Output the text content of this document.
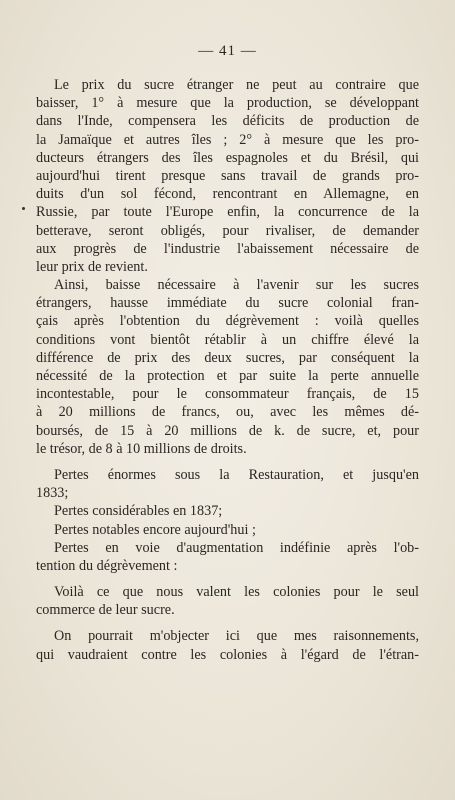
— 41 —
Le prix du sucre étranger ne peut au contraire que
baisser, 1° à mesure que la production, se développant
dans l'Inde, compensera les déficits de production de
la Jamaïque et autres îles ; 2° à mesure que les pro-
ducteurs étrangers des îles espagnoles et du Brésil, qui
aujourd'hui tirent presque sans travail de grands pro-
duits d'un sol fécond, rencontrant en Allemagne, en
Russie, par toute l'Europe enfin, la concurrence de la
betterave, seront obligés, pour rivaliser, de demander
aux progrès de l'industrie l'abaissement nécessaire de
leur prix de revient.
Ainsi, baisse nécessaire à l'avenir sur les sucres
étrangers, hausse immédiate du sucre colonial fran-
çais après l'obtention du dégrèvement : voilà quelles
conditions vont bientôt rétablir à un chiffre élevé la
différence de prix des deux sucres, par conséquent la
nécessité de la protection et par suite la perte annuelle
incontestable, pour le consommateur français, de 15
à 20 millions de francs, ou, avec les mêmes dé-
boursés, de 15 à 20 millions de k. de sucre, et, pour
le trésor, de 8 à 10 millions de droits.
Pertes énormes sous la Restauration, et jusqu'en
1833;
Pertes considérables en 1837;
Pertes notables encore aujourd'hui ;
Pertes en voie d'augmentation indéfinie après l'ob-
tention du dégrèvement :
Voilà ce que nous valent les colonies pour le seul
commerce de leur sucre.
On pourrait m'objecter ici que mes raisonnements,
qui vaudraient contre les colonies à l'égard de l'étran-
